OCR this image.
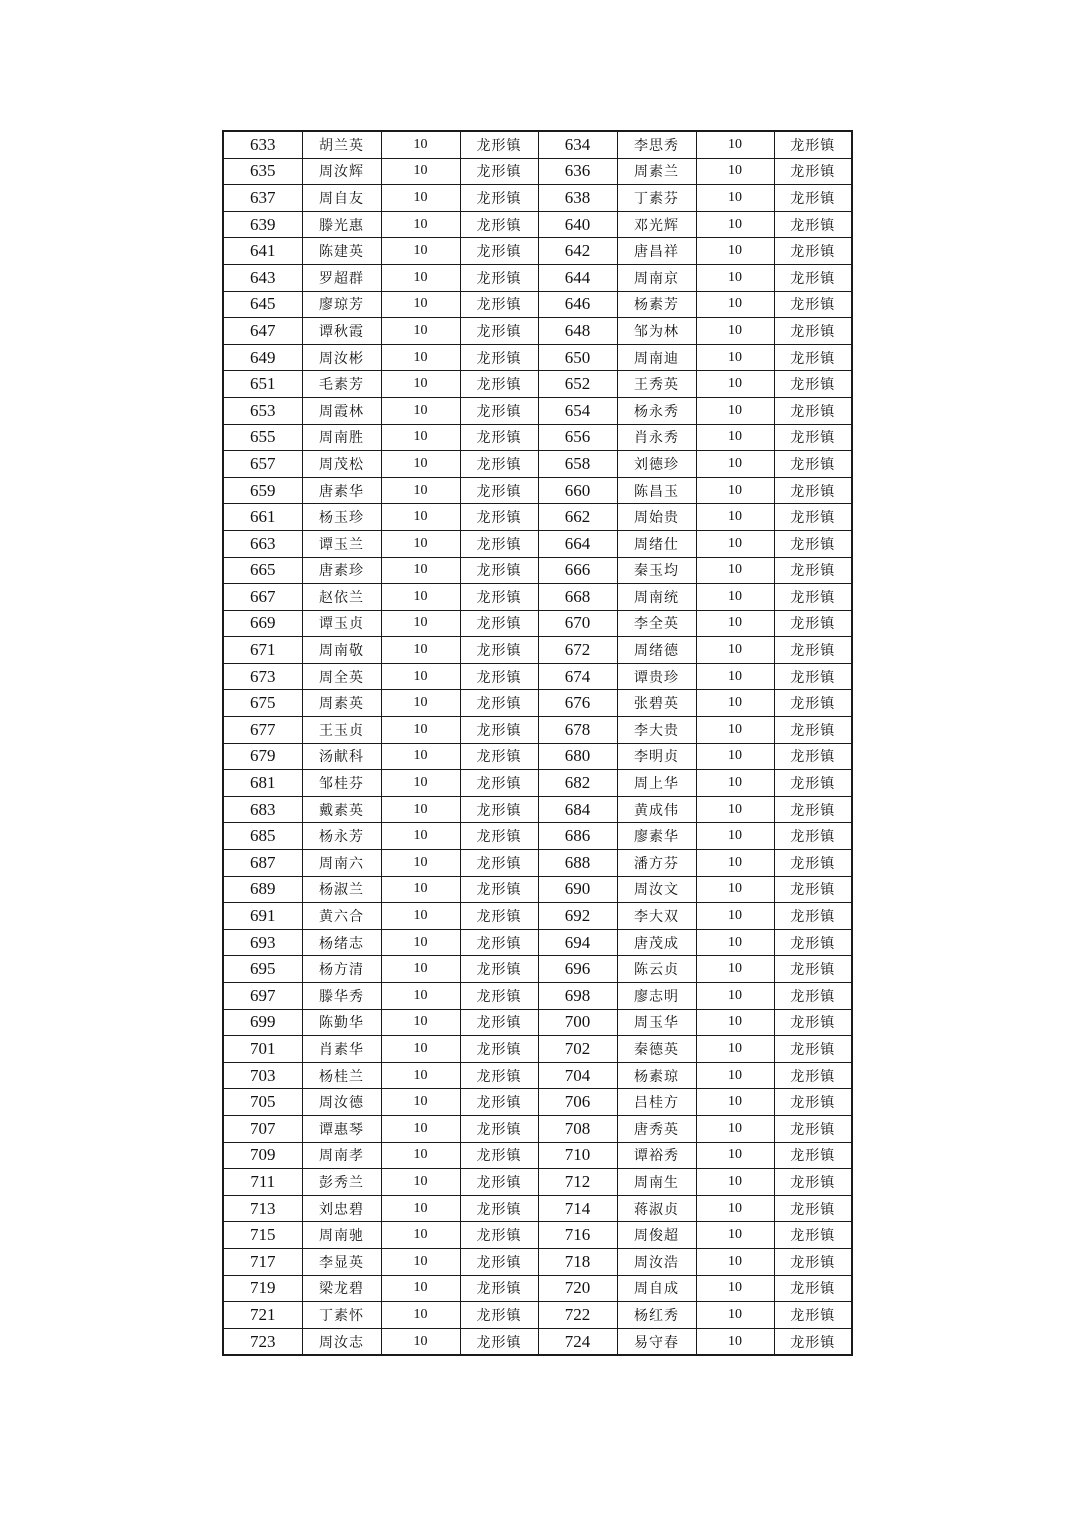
633	胡兰英	10	龙形镇	634	李思秀	10	龙形镇
635	周汝辉	10	龙形镇	636	周素兰	10	龙形镇
637	周自友	10	龙形镇	638	丁素芬	10	龙形镇
639	滕光惠	10	龙形镇	640	邓光辉	10	龙形镇
641	陈建英	10	龙形镇	642	唐昌祥	10	龙形镇
643	罗超群	10	龙形镇	644	周南京	10	龙形镇
645	廖琼芳	10	龙形镇	646	杨素芳	10	龙形镇
647	谭秋霞	10	龙形镇	648	邹为林	10	龙形镇
649	周汝彬	10	龙形镇	650	周南迪	10	龙形镇
651	毛素芳	10	龙形镇	652	王秀英	10	龙形镇
653	周霞林	10	龙形镇	654	杨永秀	10	龙形镇
655	周南胜	10	龙形镇	656	肖永秀	10	龙形镇
657	周茂松	10	龙形镇	658	刘德珍	10	龙形镇
659	唐素华	10	龙形镇	660	陈昌玉	10	龙形镇
661	杨玉珍	10	龙形镇	662	周始贵	10	龙形镇
663	谭玉兰	10	龙形镇	664	周绪仕	10	龙形镇
665	唐素珍	10	龙形镇	666	秦玉均	10	龙形镇
667	赵依兰	10	龙形镇	668	周南统	10	龙形镇
669	谭玉贞	10	龙形镇	670	李全英	10	龙形镇
671	周南敬	10	龙形镇	672	周绪德	10	龙形镇
673	周全英	10	龙形镇	674	谭贵珍	10	龙形镇
675	周素英	10	龙形镇	676	张碧英	10	龙形镇
677	王玉贞	10	龙形镇	678	李大贵	10	龙形镇
679	汤献科	10	龙形镇	680	李明贞	10	龙形镇
681	邹桂芬	10	龙形镇	682	周上华	10	龙形镇
683	戴素英	10	龙形镇	684	黄成伟	10	龙形镇
685	杨永芳	10	龙形镇	686	廖素华	10	龙形镇
687	周南六	10	龙形镇	688	潘方芬	10	龙形镇
689	杨淑兰	10	龙形镇	690	周汝文	10	龙形镇
691	黄六合	10	龙形镇	692	李大双	10	龙形镇
693	杨绪志	10	龙形镇	694	唐茂成	10	龙形镇
695	杨方清	10	龙形镇	696	陈云贞	10	龙形镇
697	滕华秀	10	龙形镇	698	廖志明	10	龙形镇
699	陈勤华	10	龙形镇	700	周玉华	10	龙形镇
701	肖素华	10	龙形镇	702	秦德英	10	龙形镇
703	杨桂兰	10	龙形镇	704	杨素琼	10	龙形镇
705	周汝德	10	龙形镇	706	吕桂方	10	龙形镇
707	谭惠琴	10	龙形镇	708	唐秀英	10	龙形镇
709	周南孝	10	龙形镇	710	谭裕秀	10	龙形镇
711	彭秀兰	10	龙形镇	712	周南生	10	龙形镇
713	刘忠碧	10	龙形镇	714	蒋淑贞	10	龙形镇
715	周南驰	10	龙形镇	716	周俊超	10	龙形镇
717	李显英	10	龙形镇	718	周汝浩	10	龙形镇
719	梁龙碧	10	龙形镇	720	周自成	10	龙形镇
721	丁素怀	10	龙形镇	722	杨红秀	10	龙形镇
723	周汝志	10	龙形镇	724	易守春	10	龙形镇
